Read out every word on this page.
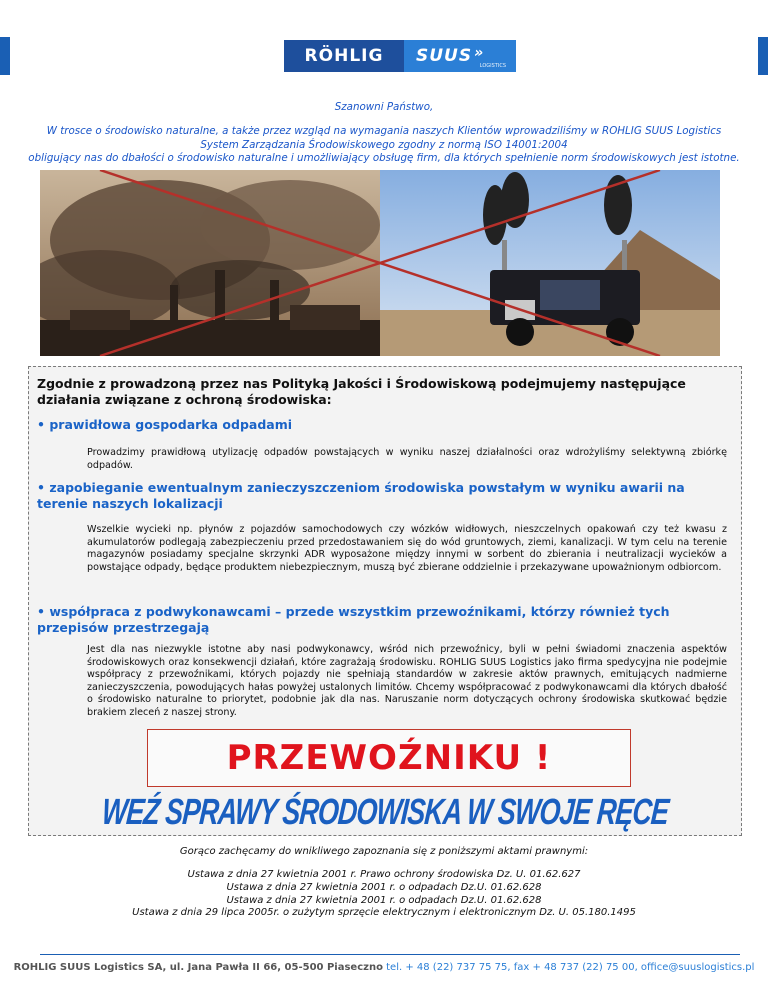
RÖHLIG	SUUS »
LOGISTICS
Szanowni Państwo,
W trosce o środowisko naturalne, a także przez wzgląd na wymagania naszych Klientów wprowadziliśmy w ROHLIG SUUS Logistics
System Zarządzania Środowiskowego zgodny z normą ISO 14001:2004
obligujący nas do dbałości o środowisko naturalne i umożliwiający obsługę firm, dla których spełnienie norm środowiskowych jest istotne.
Zgodnie z prowadzoną przez nas Polityką Jakości i Środowiskową podejmujemy następujące działania związane z ochroną środowiska:
• prawidłowa gospodarka odpadami
Prowadzimy prawidłową utylizację odpadów powstających w wyniku naszej działalności oraz wdrożyliśmy selektywną zbiórkę odpadów.
• zapobieganie ewentualnym zanieczyszczeniom środowiska powstałym w wyniku awarii na terenie naszych lokalizacji
Wszelkie wycieki np. płynów z pojazdów samochodowych czy wózków widłowych, nieszczelnych opakowań czy też kwasu z akumulatorów podlegają zabezpieczeniu przed przedostawaniem się do wód gruntowych, ziemi, kanalizacji. W tym celu na terenie magazynów posiadamy specjalne skrzynki ADR wyposażone między innymi w sorbent do zbierania i neutralizacji wycieków a powstające odpady, będące produktem niebezpiecznym, muszą być zbierane oddzielnie i przekazywane upoważnionym odbiorcom.
• współpraca z podwykonawcami – przede wszystkim przewoźnikami, którzy również tych przepisów przestrzegają
Jest dla nas niezwykle istotne aby nasi podwykonawcy, wśród nich przewoźnicy, byli w pełni świadomi znaczenia aspektów środowiskowych oraz konsekwencji działań, które zagrażają środowisku. ROHLIG SUUS Logistics jako firma spedycyjna nie podejmie współpracy z przewoźnikami, których pojazdy nie spełniają standardów w zakresie aktów prawnych, emitujących nadmierne zanieczyszczenia, powodujących hałas powyżej ustalonych limitów. Chcemy współpracować z podwykonawcami dla których dbałość o środowisko naturalne to priorytet, podobnie jak dla nas. Naruszanie norm dotyczących ochrony środowiska skutkować będzie brakiem zleceń z naszej strony.
PRZEWOŹNIKU !
WEŹ SPRAWY ŚRODOWISKA W SWOJE RĘCE
Gorąco zachęcamy do wnikliwego zapoznania się z poniższymi aktami prawnymi:
Ustawa z dnia 27 kwietnia 2001 r. Prawo ochrony środowiska Dz. U. 01.62.627
Ustawa z dnia 27 kwietnia 2001 r. o odpadach Dz.U. 01.62.628
Ustawa z dnia 27 kwietnia 2001 r. o odpadach Dz.U. 01.62.628
Ustawa z dnia 29 lipca 2005r. o zużytym sprzęcie elektrycznym i elektronicznym Dz. U. 05.180.1495
ROHLIG SUUS Logistics SA, ul. Jana Pawła II 66, 05-500 Piaseczno tel. + 48 (22) 737 75 75, fax + 48 737 (22) 75 00, office@suuslogistics.pl
